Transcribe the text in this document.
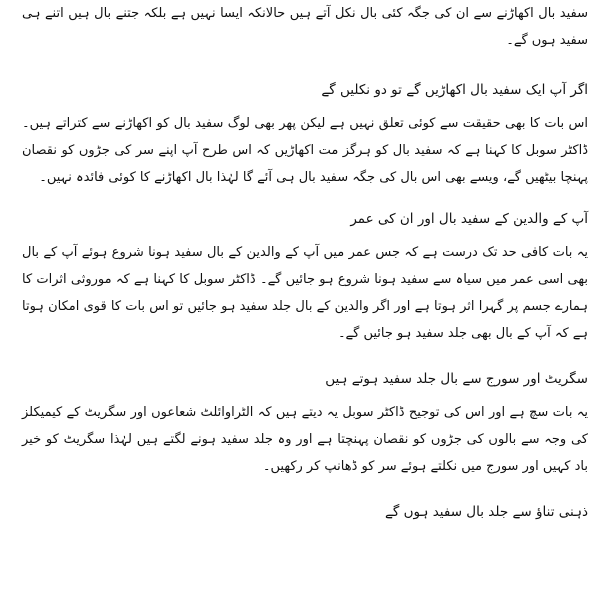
سفید بال اکھاڑنے سے ان کی جگہ کئی بال نکل آتے ہیں حالانکہ ایسا نہیں ہے بلکہ جتنے بال ہیں اتنے ہی سفید ہوں گے۔

اگر آپ ایک سفید بال اکھاڑیں گے تو دو نکلیں گے

اس بات کا بھی حقیقت سے کوئی تعلق نہیں ہے لیکن پھر بھی لوگ سفید بال کو اکھاڑنے سے کتراتے ہیں۔ڈاکٹر سوبل کا کہنا ہے کہ سفید بال کو ہرگز مت اکھاڑیں کہ اس طرح آپ اپنے سر کی جڑوں کو نقصان پہنچا بیٹھیں گے، ویسے بھی اس بال کی جگہ سفید بال ہی آئے گا لہٰذا بال اکھاڑنے کا کوئی فائدہ نہیں۔

آپ کے والدین کے سفید بال اور ان کی عمر

یہ بات کافی حد تک درست ہے کہ جس عمر میں آپ کے والدین کے بال سفید ہونا شروع ہوئے آپ کے بال بھی اسی عمر میں سیاہ سے سفید ہونا شروع ہو جائیں گے۔ ڈاکٹر سوبل کا کہنا ہے کہ موروثی اثرات کا ہمارے جسم پر گہرا اثر ہوتا ہے اور اگر والدین کے بال جلد سفید ہو جائیں تو اس بات کا قوی امکان ہوتا ہے کہ آپ کے بال بھی جلد سفید ہو جائیں گے۔

سگریٹ اور سورج سے بال جلد سفید ہوتے ہیں

یہ بات سچ ہے اور اس کی توجیح ڈاکٹر سوبل یہ دیتے ہیں کہ الٹراوائلٹ شعاعوں اور سگریٹ کے کیمیکلز کی وجہ سے بالوں کی جڑوں کو نقصان پہنچتا ہے اور وہ جلد سفید ہونے لگتے ہیں لہٰذا سگریٹ کو خیر باد کہیں اور سورج میں نکلتے ہوئے سر کو ڈھانپ کر رکھیں۔

ذہنی تناؤ سے جلد بال سفید ہوں گے
